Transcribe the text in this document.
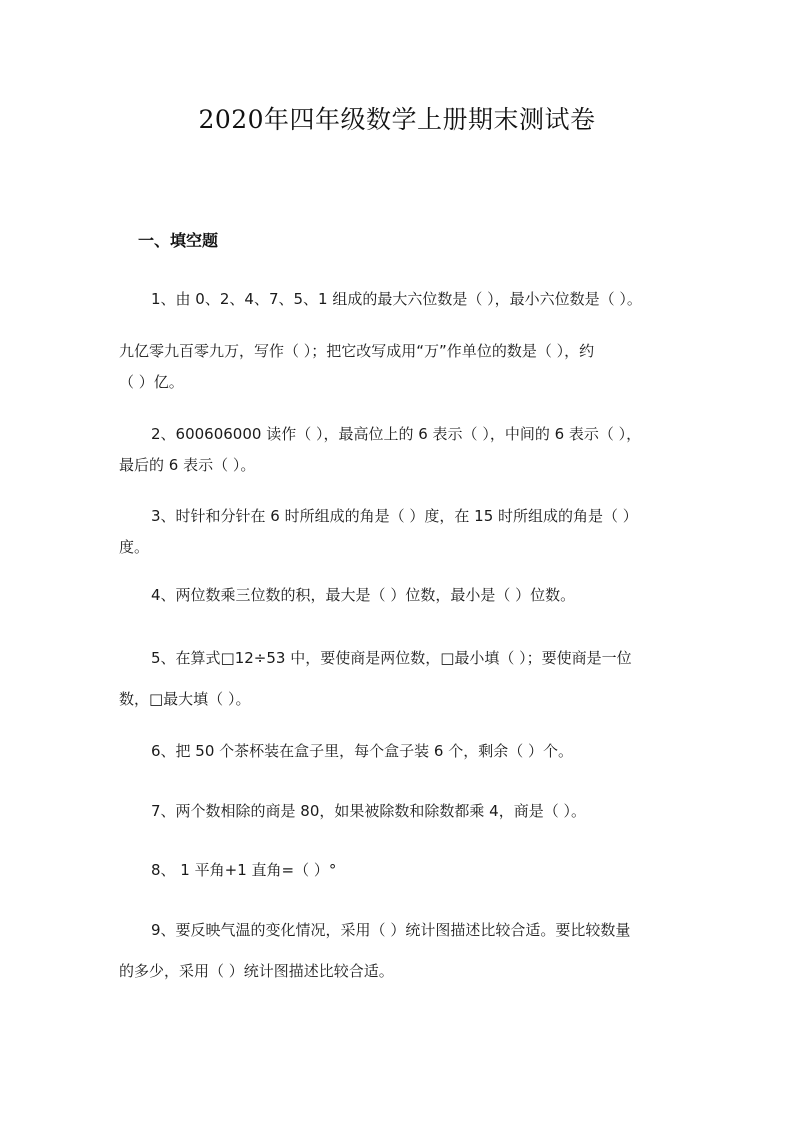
2020年四年级数学上册期末测试卷
一、填空题
1、由 0、2、4、7、5、1 组成的最大六位数是（ ），最小六位数是（ ）。
九亿零九百零九万，写作（ ）；把它改写成用“万”作单位的数是（ ），约
（ ）亿。
2、600606000 读作（ ），最高位上的 6 表示（ ），中间的 6 表示（ ），
最后的 6 表示（ ）。
3、时针和分针在 6 时所组成的角是（ ）度，在 15 时所组成的角是（ ）
度。
4、两位数乘三位数的积，最大是（ ）位数，最小是（ ）位数。
5、在算式□12÷53 中，要使商是两位数，□最小填（ ）；要使商是一位
数，□最大填（ ）。
6、把 50 个茶杯装在盒子里，每个盒子装 6 个，剩余（ ）个。
7、两个数相除的商是 80，如果被除数和除数都乘 4，商是（ ）。
8、 1 平角+1 直角=（ ）°
9、要反映气温的变化情况，采用（ ）统计图描述比较合适。要比较数量
的多少，采用（ ）统计图描述比较合适。
